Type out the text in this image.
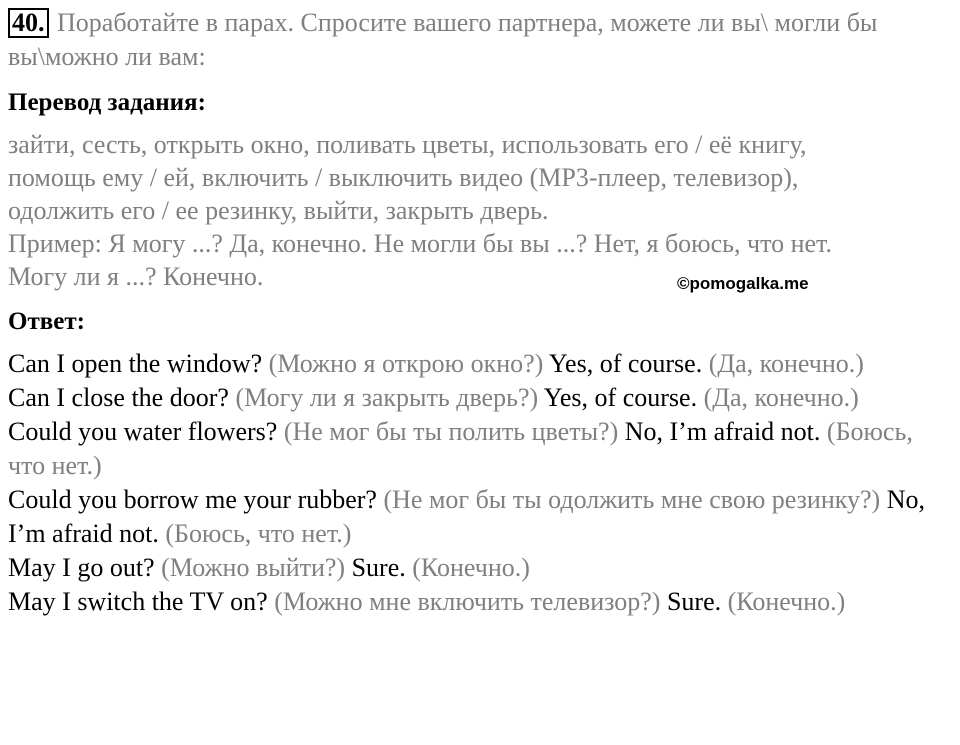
40. Поработайте в парах. Спросите вашего партнера, можете ли вы\ могли бы вы\можно ли вам:
Перевод задания:
зайти, сесть, открыть окно, поливать цветы, использовать его / её книгу,
помощь ему / ей, включить / выключить видео (МР3-плеер, телевизор),
одолжить его / ее резинку, выйти, закрыть дверь.
Пример: Я могу ...? Да, конечно. Не могли бы вы ...? Нет, я боюсь, что нет.
Могу ли я ...? Конечно.
Ответ:
Can I open the window? (Можно я открою окно?) Yes, of course. (Да, конечно.)
Can I close the door? (Могу ли я закрыть дверь?) Yes, of course. (Да, конечно.)
Could you water flowers? (Не мог бы ты полить цветы?) No, I’m afraid not. (Боюсь, что нет.)
Could you borrow me your rubber? (Не мог бы ты одолжить мне свою резинку?) No, I’m afraid not. (Боюсь, что нет.)
May I go out? (Можно выйти?) Sure. (Конечно.)
May I switch the TV on? (Можно мне включить телевизор?) Sure. (Конечно.)
©pomogalka.me
